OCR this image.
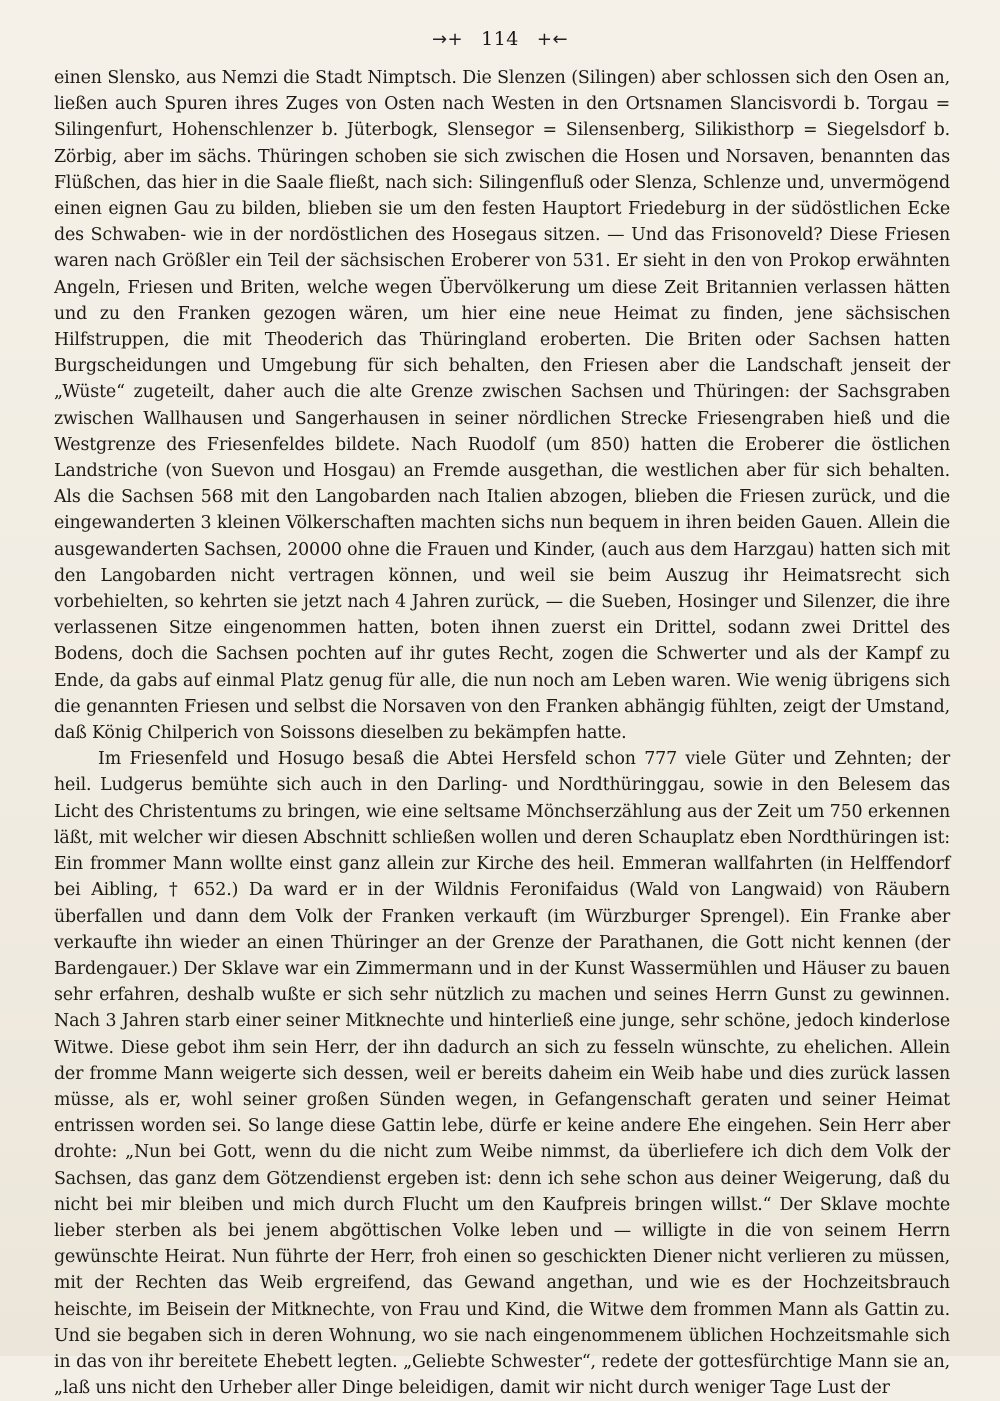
→+ 114 +←

einen Slensko, aus Nemzi die Stadt Nimptsch. Die Slenzen (Silingen) aber schlossen sich den Osen an, ließen auch Spuren ihres Zuges von Osten nach Westen in den Ortsnamen Slancisvordi b. Torgau = Silingenfurt, Hohenschlenzer b. Jüterbogk, Slensegor = Silensenberg, Silikisthorp = Siegelsdorf b. Zörbig, aber im sächs. Thüringen schoben sie sich zwischen die Hosen und Norsaven, benannten das Flüßchen, das hier in die Saale fließt, nach sich: Silingenfluß oder Slenza, Schlenze und, unvermögend einen eignen Gau zu bilden, blieben sie um den festen Hauptort Friedeburg in der südöstlichen Ecke des Schwaben- wie in der nordöstlichen des Hosegaus sitzen. — Und das Frisonoveld? Diese Friesen waren nach Größler ein Teil der sächsischen Eroberer von 531. Er sieht in den von Prokop erwähnten Angeln, Friesen und Briten, welche wegen Übervölkerung um diese Zeit Britannien verlassen hätten und zu den Franken gezogen wären, um hier eine neue Heimat zu finden, jene sächsischen Hilfstruppen, die mit Theoderich das Thüringland eroberten. Die Briten oder Sachsen hatten Burgscheidungen und Umgebung für sich behalten, den Friesen aber die Landschaft jenseit der „Wüste“ zugeteilt, daher auch die alte Grenze zwischen Sachsen und Thüringen: der Sachsgraben zwischen Wallhausen und Sangerhausen in seiner nördlichen Strecke Friesengraben hieß und die Westgrenze des Friesenfeldes bildete. Nach Ruodolf (um 850) hatten die Eroberer die östlichen Landstriche (von Suevon und Hosgau) an Fremde ausgethan, die westlichen aber für sich behalten. Als die Sachsen 568 mit den Langobarden nach Italien abzogen, blieben die Friesen zurück, und die eingewanderten 3 kleinen Völkerschaften machten sichs nun bequem in ihren beiden Gauen. Allein die ausgewanderten Sachsen, 20000 ohne die Frauen und Kinder, (auch aus dem Harzgau) hatten sich mit den Langobarden nicht vertragen können, und weil sie beim Auszug ihr Heimatsrecht sich vorbehielten, so kehrten sie jetzt nach 4 Jahren zurück, — die Sueben, Hosinger und Silenzer, die ihre verlassenen Sitze eingenommen hatten, boten ihnen zuerst ein Drittel, sodann zwei Drittel des Bodens, doch die Sachsen pochten auf ihr gutes Recht, zogen die Schwerter und als der Kampf zu Ende, da gabs auf einmal Platz genug für alle, die nun noch am Leben waren. Wie wenig übrigens sich die genannten Friesen und selbst die Norsaven von den Franken abhängig fühlten, zeigt der Umstand, daß König Chilperich von Soissons dieselben zu bekämpfen hatte.

Im Friesenfeld und Hosugo besaß die Abtei Hersfeld schon 777 viele Güter und Zehnten; der heil. Ludgerus bemühte sich auch in den Darling- und Nordthüringgau, sowie in den Belesem das Licht des Christentums zu bringen, wie eine seltsame Mönchserzählung aus der Zeit um 750 erkennen läßt, mit welcher wir diesen Abschnitt schließen wollen und deren Schauplatz eben Nordthüringen ist: Ein frommer Mann wollte einst ganz allein zur Kirche des heil. Emmeran wallfahrten (in Helffendorf bei Aibling, † 652.) Da ward er in der Wildnis Feronifaidus (Wald von Langwaid) von Räubern überfallen und dann dem Volk der Franken verkauft (im Würzburger Sprengel). Ein Franke aber verkaufte ihn wieder an einen Thüringer an der Grenze der Parathanen, die Gott nicht kennen (der Bardengauer.) Der Sklave war ein Zimmermann und in der Kunst Wassermühlen und Häuser zu bauen sehr erfahren, deshalb wußte er sich sehr nützlich zu machen und seines Herrn Gunst zu gewinnen. Nach 3 Jahren starb einer seiner Mitknechte und hinterließ eine junge, sehr schöne, jedoch kinderlose Witwe. Diese gebot ihm sein Herr, der ihn dadurch an sich zu fesseln wünschte, zu ehelichen. Allein der fromme Mann weigerte sich dessen, weil er bereits daheim ein Weib habe und dies zurück lassen müsse, als er, wohl seiner großen Sünden wegen, in Gefangenschaft geraten und seiner Heimat entrissen worden sei. So lange diese Gattin lebe, dürfe er keine andere Ehe eingehen. Sein Herr aber drohte: „Nun bei Gott, wenn du die nicht zum Weibe nimmst, da überliefere ich dich dem Volk der Sachsen, das ganz dem Götzendienst ergeben ist: denn ich sehe schon aus deiner Weigerung, daß du nicht bei mir bleiben und mich durch Flucht um den Kaufpreis bringen willst.“ Der Sklave mochte lieber sterben als bei jenem abgöttischen Volke leben und — willigte in die von seinem Herrn gewünschte Heirat. Nun führte der Herr, froh einen so geschickten Diener nicht verlieren zu müssen, mit der Rechten das Weib ergreifend, das Gewand angethan, und wie es der Hochzeitsbrauch heischte, im Beisein der Mitknechte, von Frau und Kind, die Witwe dem frommen Mann als Gattin zu. Und sie begaben sich in deren Wohnung, wo sie nach eingenommenem üblichen Hochzeitsmahle sich in das von ihr bereitete Ehebett legten. „Geliebte Schwester“, redete der gottesfürchtige Mann sie an, „laß uns nicht den Urheber aller Dinge beleidigen, damit wir nicht durch weniger Tage Lust der
